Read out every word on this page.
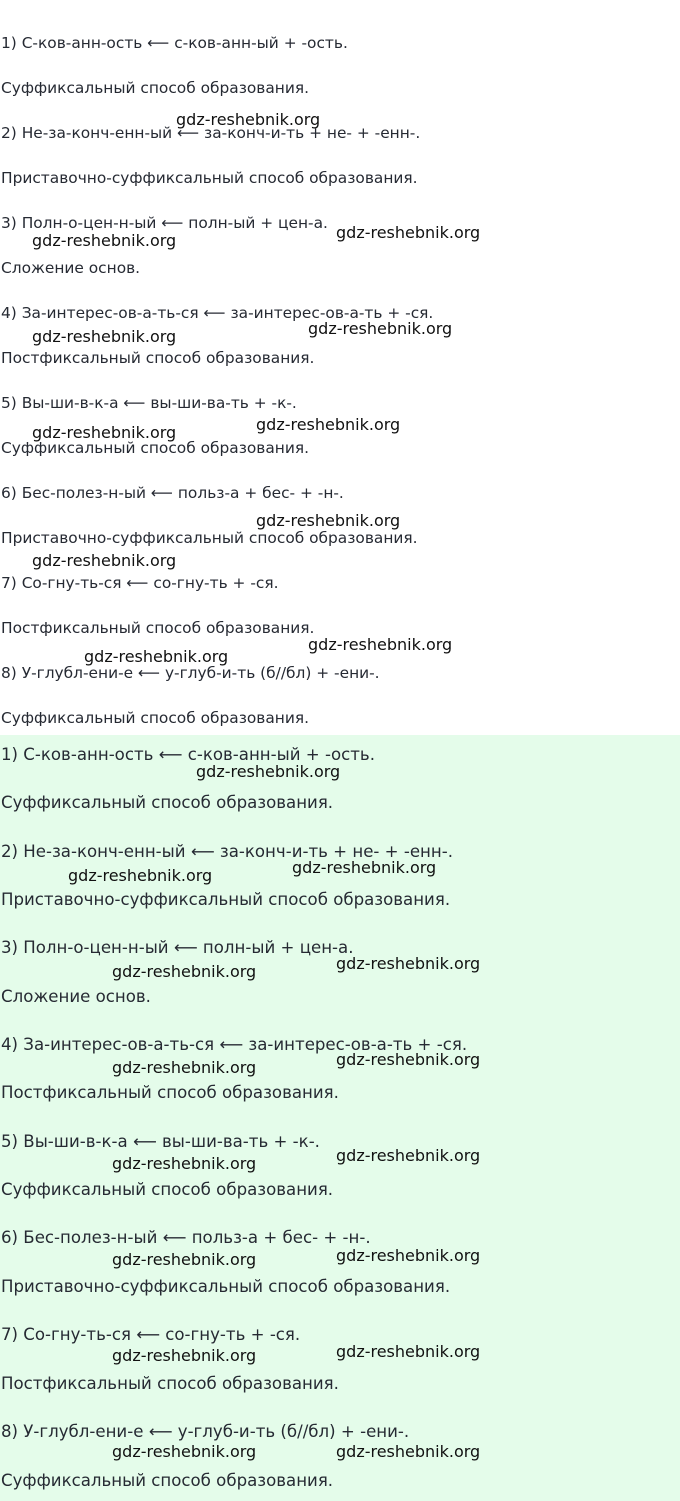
1) С-ков-анн-ость ⟵ с-ков-анн-ый + -ость.
Суффиксальный способ образования.
2) Не-за-конч-енн-ый ⟵ за-конч-и-ть + не- + -енн-.
Приставочно-суффиксальный способ образования.
3) Полн-о-цен-н-ый ⟵ полн-ый + цен-а.
Сложение основ.
4) За-интерес-ов-а-ть-ся ⟵ за-интерес-ов-а-ть + -ся.
Постфиксальный способ образования.
5) Вы-ши-в-к-а ⟵ вы-ши-ва-ть + -к-.
Суффиксальный способ образования.
6) Бес-полез-н-ый ⟵ польз-а + бес- + -н-.
Приставочно-суффиксальный способ образования.
7) Со-гну-ть-ся ⟵ со-гну-ть + -ся.
Постфиксальный способ образования.
8) У-глубл-ени-е ⟵ у-глуб-и-ть (б//бл) + -ени-.
Суффиксальный способ образования.
gdz-reshebnik.org
gdz-reshebnik.org	gdz-reshebnik.org
gdz-reshebnik.org
gdz-reshebnik.org
gdz-reshebnik.org
gdz-reshebnik.org
gdz-reshebnik.org
gdz-reshebnik.org
gdz-reshebnik.org
gdz-reshebnik.org
1) С-ков-анн-ость ⟵ с-ков-анн-ый + -ость.
Суффиксальный способ образования.
2) Не-за-конч-енн-ый ⟵ за-конч-и-ть + не- + -енн-.
Приставочно-суффиксальный способ образования.
3) Полн-о-цен-н-ый ⟵ полн-ый + цен-а.
Сложение основ.
4) За-интерес-ов-а-ть-ся ⟵ за-интерес-ов-а-ть + -ся.
Постфиксальный способ образования.
5) Вы-ши-в-к-а ⟵ вы-ши-ва-ть + -к-.
Суффиксальный способ образования.
6) Бес-полез-н-ый ⟵ польз-а + бес- + -н-.
Приставочно-суффиксальный способ образования.
7) Со-гну-ть-ся ⟵ со-гну-ть + -ся.
Постфиксальный способ образования.
8) У-глубл-ени-е ⟵ у-глуб-и-ть (б//бл) + -ени-.
Суффиксальный способ образования.
gdz-reshebnik.org
gdz-reshebnik.org
gdz-reshebnik.org
gdz-reshebnik.org
gdz-reshebnik.org
gdz-reshebnik.org
gdz-reshebnik.org
gdz-reshebnik.org
gdz-reshebnik.org
gdz-reshebnik.org
gdz-reshebnik.org
gdz-reshebnik.org
gdz-reshebnik.org
gdz-reshebnik.org
gdz-reshebnik.org
